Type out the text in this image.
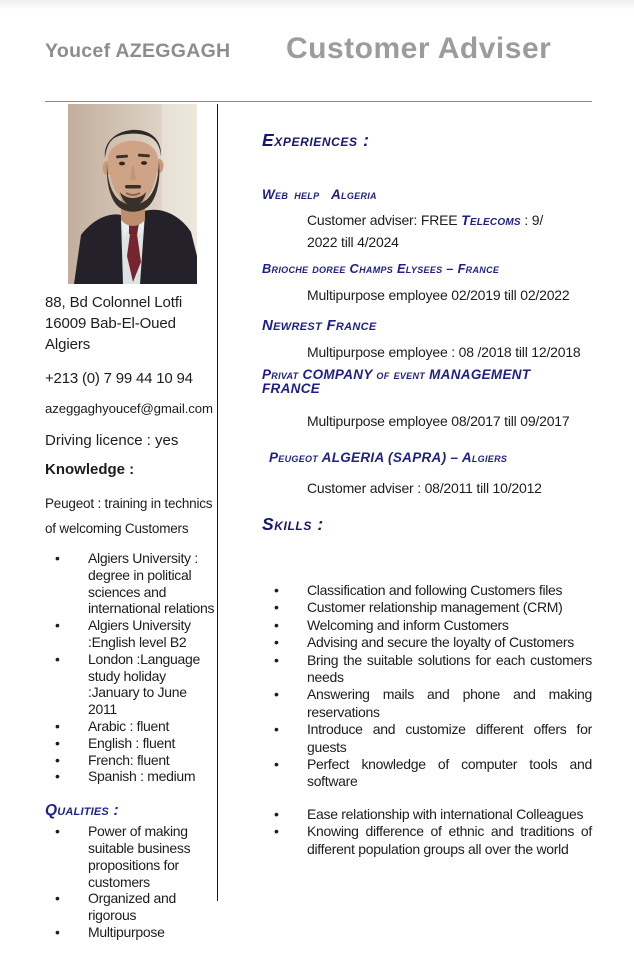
Youcef AZEGGAGH Customer Adviser

88, Bd Colonnel Lotfi
16009 Bab-El-Oued
Algiers

+213 (0) 7 99 44 10 94

azeggaghyoucef@gmail.com

Driving licence : yes

Knowledge :

Peugeot : training in technics of welcoming Customers

• Algiers University : degree in political sciences and international relations
• Algiers University :English level B2
• London :Language study holiday :January to June 2011
• Arabic : fluent
• English : fluent
• French: fluent
• Spanish : medium
Qualities :
• Power of making suitable business propositions for customers
• Organized and rigorous
• Multipurpose
Experiences :
Web help  Algeria

Customer adviser: FREE Telecoms : 9/
2022 till 4/2024

Brioche doree Champs Elysees – France

Multipurpose employee 02/2019 till 02/2022

Newrest France

Multipurpose employee : 08 /2018 till 12/2018

Privat COMPANY of event MANAGEMENT FRANCE

Multipurpose employee 08/2017 till 09/2017

Peugeot ALGERIA (SAPRA) – Algiers

Customer adviser : 08/2011 till 10/2012

Skills :
• Classification and following Customers files
• Customer relationship management (CRM)
• Welcoming and inform Customers
• Advising and secure the loyalty of Customers
• Bring the suitable solutions for each customers needs
• Answering mails and phone and making reservations
• Introduce and customize different offers for guests
• Perfect knowledge of computer tools and software
• Ease relationship with international Colleagues
• Knowing difference of ethnic and traditions of different population groups all over the world
